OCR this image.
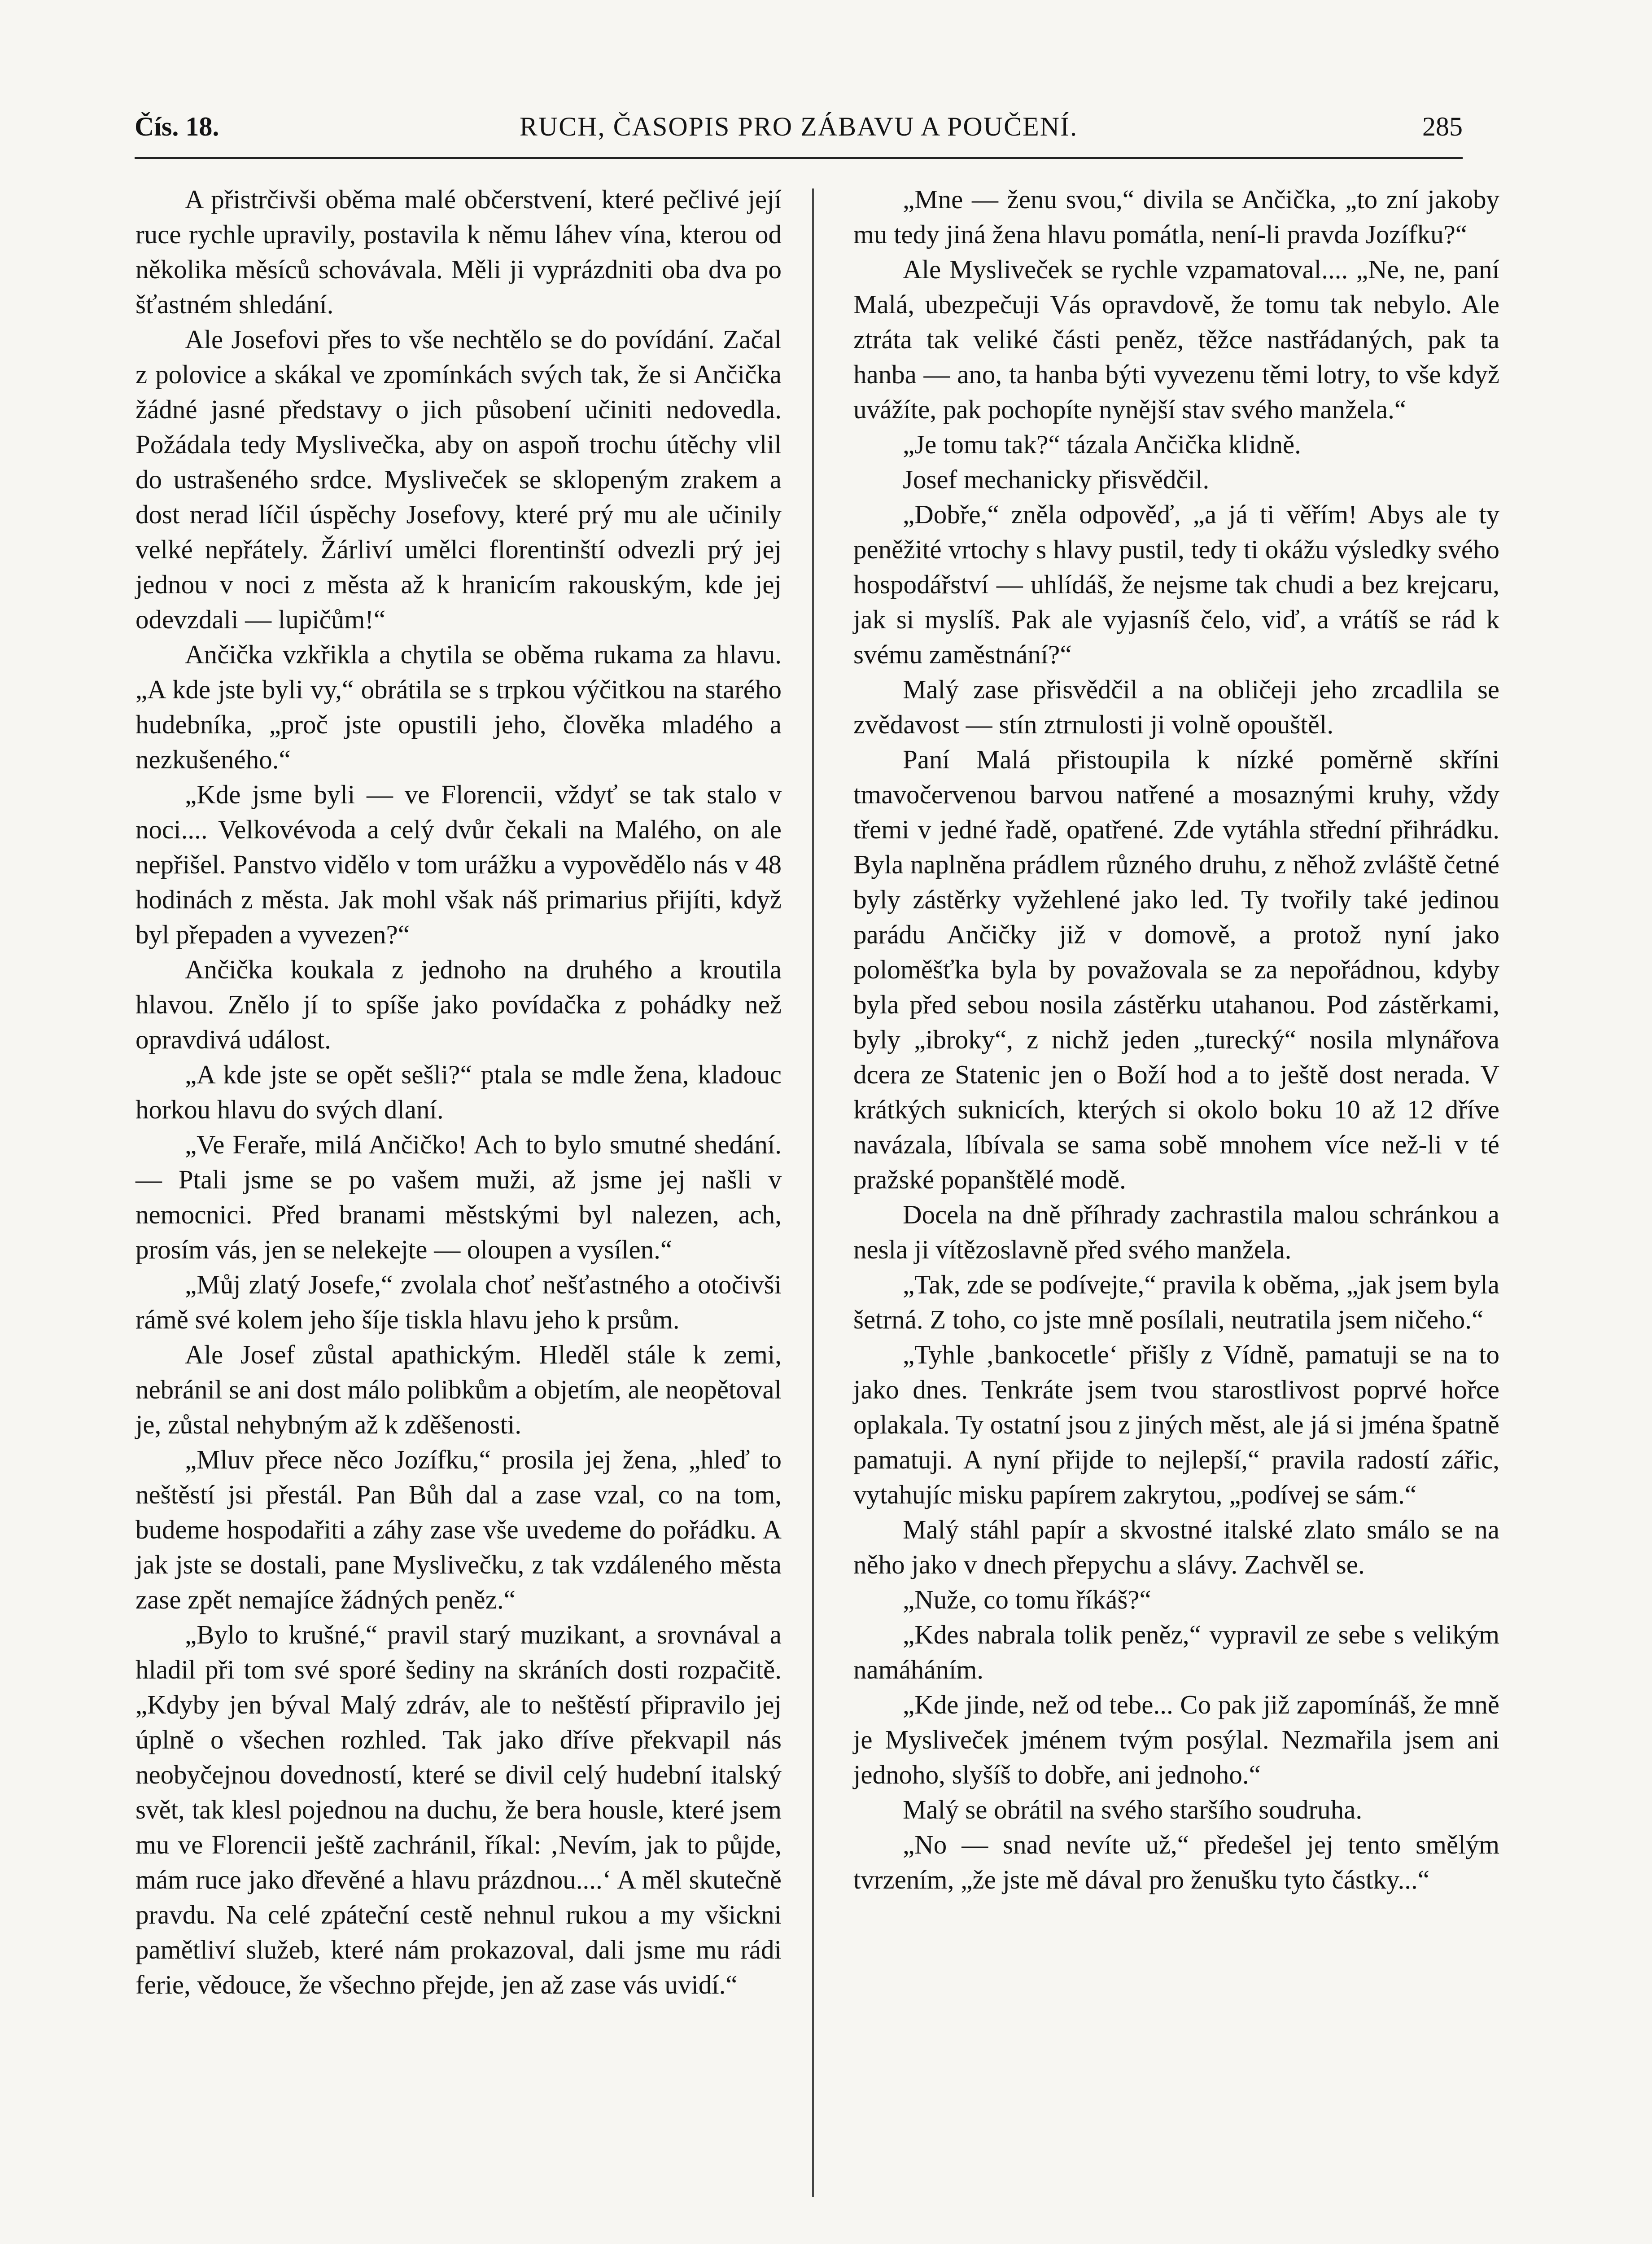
Čís. 18.	RUCH, ČASOPIS PRO ZÁBAVU A POUČENÍ.	285

A přistrčivši oběma malé občerstvení, které pečlivé její ruce rychle upravily, postavila k němu láhev vína, kterou od několika měsíců schovávala. Měli ji vyprázdniti oba dva po šťastném shledání.

Ale Josefovi přes to vše nechtělo se do povídání. Začal z polovice a skákal ve zpomínkách svých tak, že si Ančička žádné jasné představy o jich působení učiniti nedovedla. Požádala tedy Myslivečka, aby on aspoň trochu útěchy vlil do ustrašeného srdce. Mysliveček se sklopeným zrakem a dost nerad líčil úspěchy Josefovy, které prý mu ale učinily velké nepřátely. Žárliví umělci florentinští odvezli prý jej jednou v noci z města až k hranicím rakouským, kde jej odevzdali — lupičům!“

Ančička vzkřikla a chytila se oběma rukama za hlavu. „A kde jste byli vy,“ obrátila se s trpkou výčitkou na starého hudebníka, „proč jste opustili jeho, člověka mladého a nezkušeného.“

„Kde jsme byli — ve Florencii, vždyť se tak stalo v noci.... Velkovévoda a celý dvůr čekali na Malého, on ale nepřišel. Panstvo vidělo v tom urážku a vypovědělo nás v 48 hodinách z města. Jak mohl však náš primarius přijíti, když byl přepaden a vyvezen?“

Ančička koukala z jednoho na druhého a kroutila hlavou. Znělo jí to spíše jako povídačka z pohádky než opravdivá událost.

„A kde jste se opět sešli?“ ptala se mdle žena, kladouc horkou hlavu do svých dlaní.

„Ve Feraře, milá Ančičko! Ach to bylo smutné shedání. — Ptali jsme se po vašem muži, až jsme jej našli v nemocnici. Před branami městskými byl nalezen, ach, prosím vás, jen se nelekejte — oloupen a vysílen.“

„Můj zlatý Josefe,“ zvolala choť nešťastného a otočivši rámě své kolem jeho šíje tiskla hlavu jeho k prsům.

Ale Josef zůstal apathickým. Hleděl stále k zemi, nebránil se ani dost málo polibkům a objetím, ale neopětoval je, zůstal nehybným až k zděšenosti.

„Mluv přece něco Jozífku,“ prosila jej žena, „hleď to neštěstí jsi přestál. Pan Bůh dal a zase vzal, co na tom, budeme hospodařiti a záhy zase vše uvedeme do pořádku. A jak jste se dostali, pane Myslivečku, z tak vzdáleného města zase zpět nemajíce žádných peněz.“

„Bylo to krušné,“ pravil starý muzikant, a srovnával a hladil při tom své sporé šediny na skráních dosti rozpačitě. „Kdyby jen býval Malý zdráv, ale to neštěstí připravilo jej úplně o všechen rozhled. Tak jako dříve překvapil nás neobyčejnou dovedností, které se divil celý hudební italský svět, tak klesl pojednou na duchu, že bera housle, které jsem mu ve Florencii ještě zachránil, říkal: ‚Nevím, jak to půjde, mám ruce jako dřevěné a hlavu prázdnou....‘ A měl skutečně pravdu. Na celé zpáteční cestě nehnul rukou a my všickni pamětliví služeb, které nám prokazoval, dali jsme mu rádi ferie, vědouce, že všechno přejde, jen až zase vás uvidí.“

„Mne — ženu svou,“ divila se Ančička, „to zní jakoby mu tedy jiná žena hlavu pomátla, není-li pravda Jozífku?“

Ale Mysliveček se rychle vzpamatoval.... „Ne, ne, paní Malá, ubezpečuji Vás opravdově, že tomu tak nebylo. Ale ztráta tak veliké části peněz, těžce nastřádaných, pak ta hanba — ano, ta hanba býti vyvezenu těmi lotry, to vše když uvážíte, pak pochopíte nynější stav svého manžela.“

„Je tomu tak?“ tázala Ančička klidně.

Josef mechanicky přisvědčil.

„Dobře,“ zněla odpověď, „a já ti věřím! Abys ale ty peněžité vrtochy s hlavy pustil, tedy ti okážu výsledky svého hospodářství — uhlídáš, že nejsme tak chudi a bez krejcaru, jak si myslíš. Pak ale vyjasníš čelo, viď, a vrátíš se rád k svému zaměstnání?“

Malý zase přisvědčil a na obličeji jeho zrcadlila se zvědavost — stín ztrnulosti ji volně opouštěl.

Paní Malá přistoupila k nízké poměrně skříni tmavočervenou barvou natřené a mosaznými kruhy, vždy třemi v jedné řadě, opatřené. Zde vytáhla střední přihrádku. Byla naplněna prádlem různého druhu, z něhož zvláště četné byly zástěrky vyžehlené jako led. Ty tvořily také jedinou parádu Ančičky již v domově, a protož nyní jako poloměšťka byla by považovala se za nepořádnou, kdyby byla před sebou nosila zástěrku utahanou. Pod zástěrkami, byly „ibroky“, z nichž jeden „turecký“ nosila mlynářova dcera ze Statenic jen o Boží hod a to ještě dost nerada. V krátkých suknicích, kterých si okolo boku 10 až 12 dříve navázala, líbívala se sama sobě mnohem více než-li v té pražské popanštělé modě.

Docela na dně příhrady zachrastila malou schránkou a nesla ji vítězoslavně před svého manžela.

„Tak, zde se podívejte,“ pravila k oběma, „jak jsem byla šetrná. Z toho, co jste mně posílali, neutratila jsem ničeho.“

„Tyhle ‚bankocetle‘ přišly z Vídně, pamatuji se na to jako dnes. Tenkráte jsem tvou starostlivost poprvé hořce oplakala. Ty ostatní jsou z jiných měst, ale já si jména špatně pamatuji. A nyní přijde to nejlepší,“ pravila radostí zářic, vytahujíc misku papírem zakrytou, „podívej se sám.“

Malý stáhl papír a skvostné italské zlato smálo se na něho jako v dnech přepychu a slávy. Zachvěl se.

„Nuže, co tomu říkáš?“

„Kdes nabrala tolik peněz,“ vypravil ze sebe s velikým namáháním.

„Kde jinde, než od tebe... Co pak již zapomínáš, že mně je Mysliveček jménem tvým posýlal. Nezmařila jsem ani jednoho, slyšíš to dobře, ani jednoho.“

Malý se obrátil na svého staršího soudruha.

„No — snad nevíte už,“ předešel jej tento smělým tvrzením, „že jste mě dával pro ženušku tyto částky...“
